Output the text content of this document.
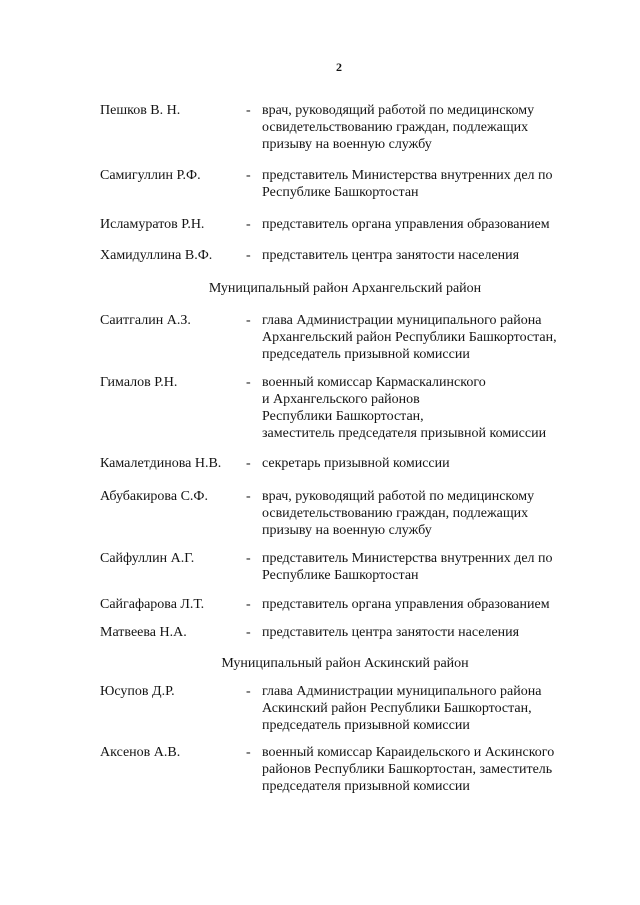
2
Пешков В. Н.	- врач, руководящий работой по медицинскому
освидетельствованию граждан, подлежащих
призыву на военную службу
Самигуллин Р.Ф.	- представитель Министерства внутренних дел по
Республике Башкортостан
Исламуратов Р.Н.	- представитель органа управления образованием
Хамидуллина В.Ф. - представитель центра занятости населения
Муниципальный район Архангельский район
Саитгалин А.З.	- глава Администрации муниципального района
Архангельский район Республики Башкортостан,
председатель призывной комиссии
Гималов Р.Н.	- военный комиссар Кармаскалинского
и Архангельского районов
Республики Башкортостан,
заместитель председателя призывной комиссии
Камалетдинова Н.В. - секретарь призывной комиссии
Абубакирова С.Ф.	- врач, руководящий работой по медицинскому
освидетельствованию граждан, подлежащих
призыву на военную службу
Сайфуллин А.Г.	- представитель Министерства внутренних дел по
Республике Башкортостан
Сайгафарова Л.Т.	- представитель органа управления образованием
Матвеева Н.А.	- представитель центра занятости населения
Муниципальный район Аскинский район
Юсупов Д.Р.	- глава Администрации муниципального района
Аскинский район Республики Башкортостан,
председатель призывной комиссии
Аксенов А.В.	- военный комиссар Караидельского и Аскинского
районов Республики Башкортостан, заместитель
председателя призывной комиссии
